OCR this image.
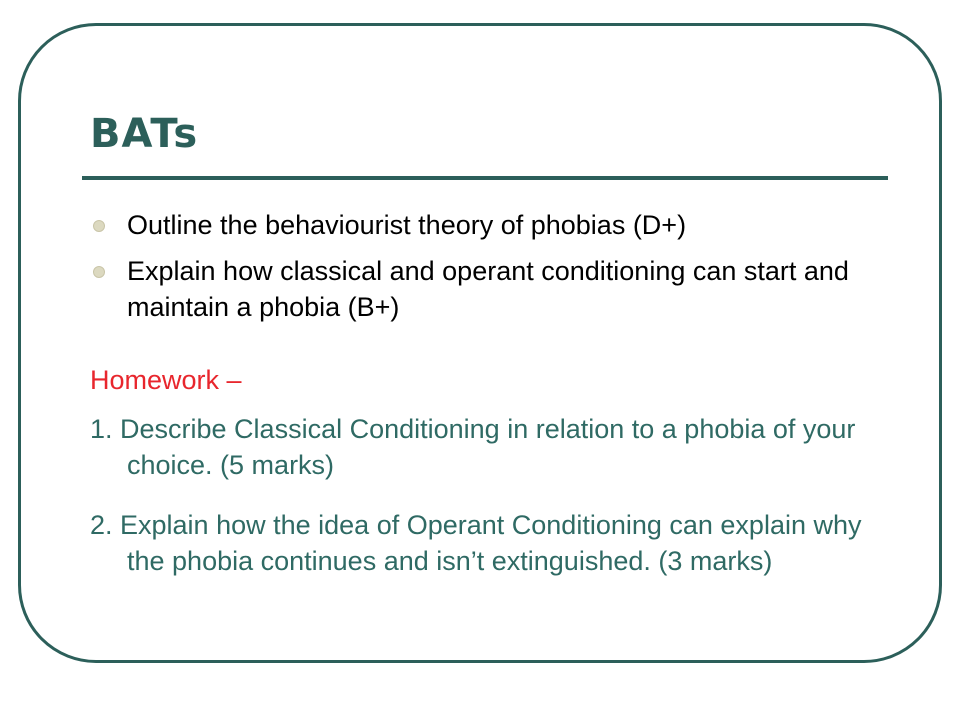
BATs
Outline the behaviourist theory of phobias (D+)
Explain how classical and operant conditioning can start and maintain a phobia (B+)
Homework –
1. Describe Classical Conditioning in relation to a phobia of your choice. (5 marks)
2. Explain how the idea of Operant Conditioning can explain why the phobia continues and isn’t extinguished. (3 marks)
